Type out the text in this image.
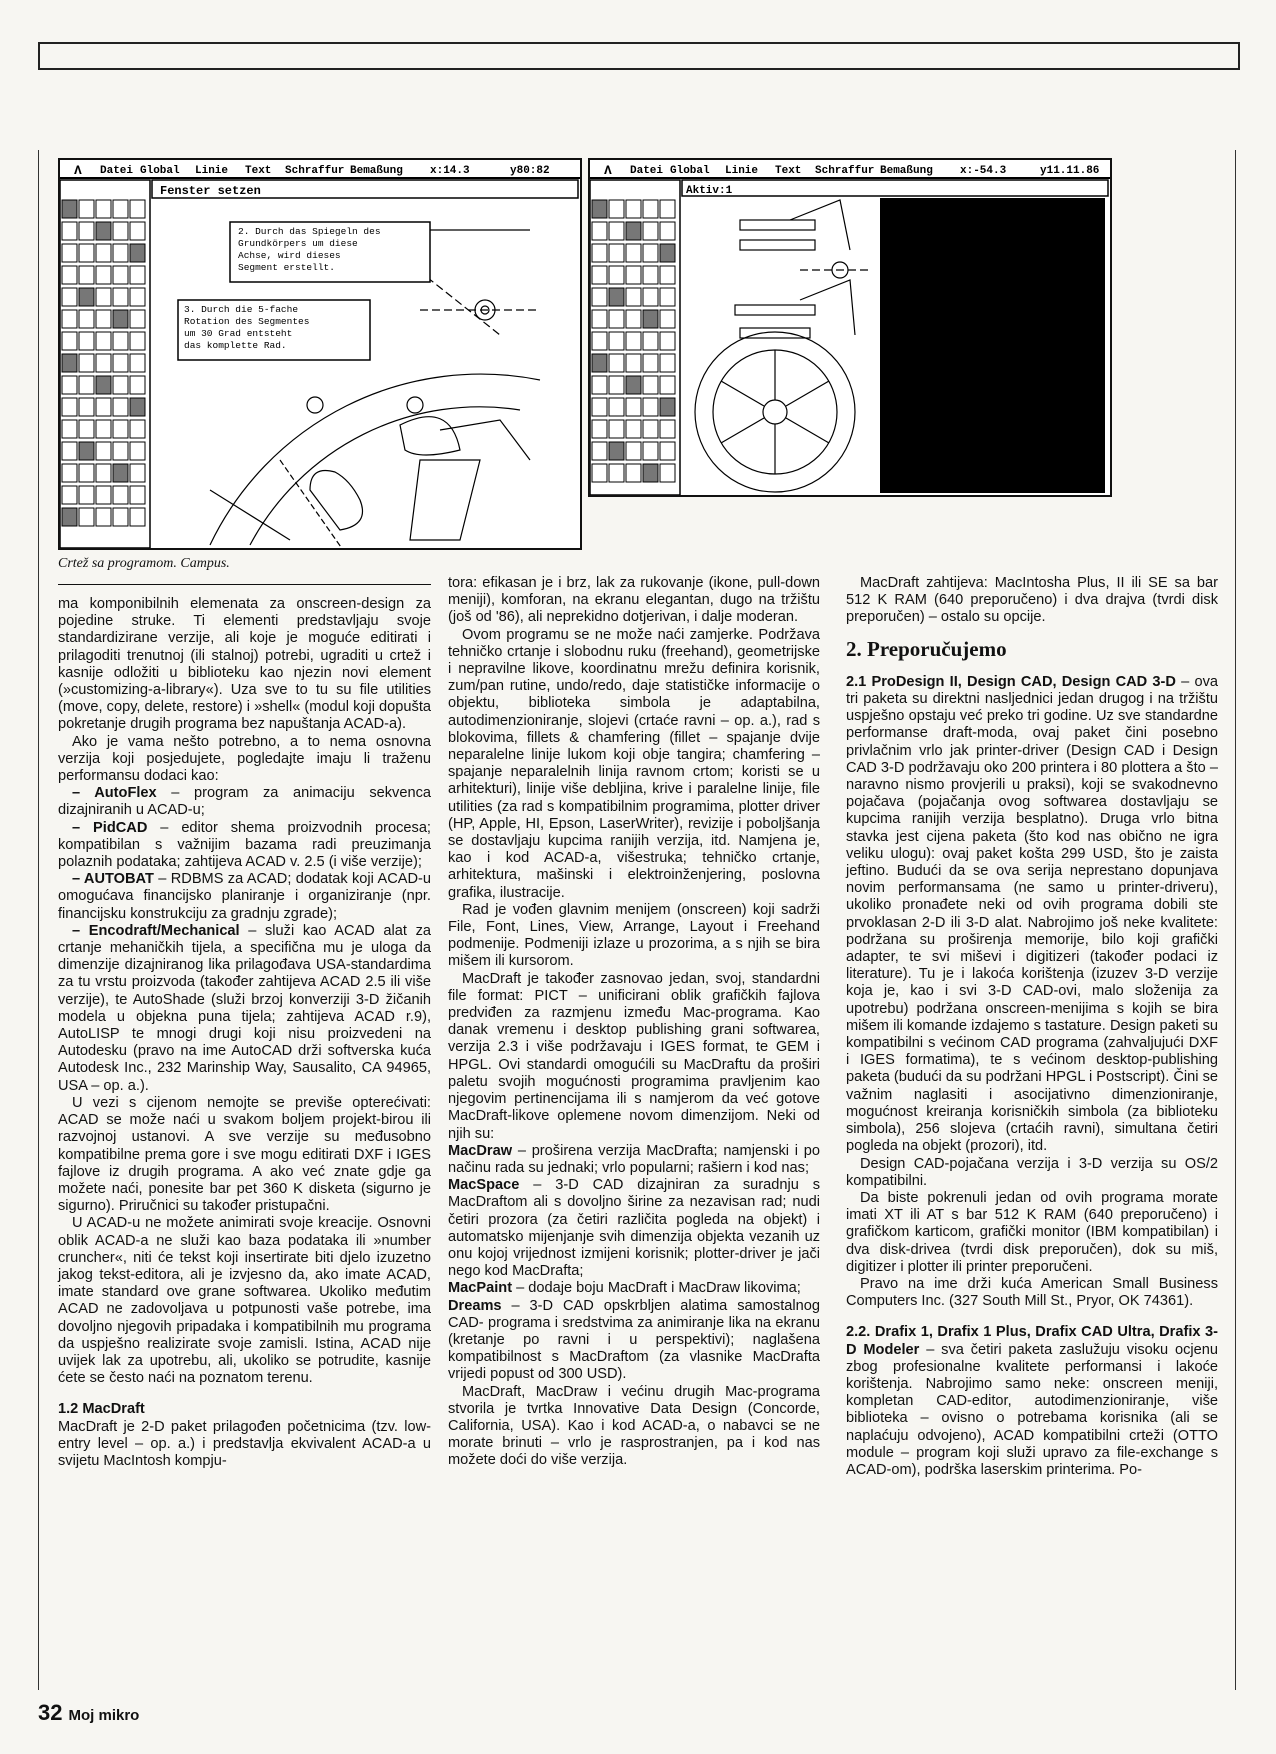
Datei Global Linie Text Schraffur Bemaßung x:14.3	y80:82
Λ
Fenster setzen
2. Durch das Spiegeln des
Grundkörpers um diese
Achse, wird dieses
Segment erstellt.
3. Durch die 5-fache
Rotation des Segmentes
um 30 Grad entsteht
das komplette Rad.
Datei Global Linie Text Schraffur Bemaßung x:-54.3	y11.11.86
Λ
Aktiv:1
Crtež sa programom. Campus.

ma komponibilnih elemenata za onscreen-design za pojedine struke. Ti elementi predstavljaju svoje standardizirane verzije, ali koje je moguće editirati i prilagoditi trenutnoj (ili stalnoj) potrebi, ugraditi u crtež i kasnije odložiti u biblioteku kao njezin novi element (»customizing-a-library«). Uza sve to tu su file utilities (move, copy, delete, restore) i »shell« (modul koji dopušta pokretanje drugih programa bez napuštanja ACAD-a).

Ako je vama nešto potrebno, a to nema osnovna verzija koji posjedujete, pogledajte imaju li traženu performansu dodaci kao:

– AutoFlex – program za animaciju sekvenca dizajniranih u ACAD-u;

– PidCAD – editor shema proizvodnih procesa; kompatibilan s važnijim bazama radi preuzimanja polaznih podataka; zahtijeva ACAD v. 2.5 (i više verzije);

– AUTOBAT – RDBMS za ACAD; dodatak koji ACAD-u omogućava financijsko planiranje i organiziranje (npr. financijsku konstrukciju za gradnju zgrade);

– Encodraft/Mechanical – služi kao ACAD alat za crtanje mehaničkih tijela, a specifična mu je uloga da dimenzije dizajniranog lika prilagođava USA-standardima za tu vrstu proizvoda (također zahtijeva ACAD 2.5 ili više verzije), te AutoShade (služi brzoj konverziji 3-D žičanih modela u objekna puna tijela; zahtijeva ACAD r.9), AutoLISP te mnogi drugi koji nisu proizvedeni na Autodesku (pravo na ime AutoCAD drži softverska kuća Autodesk Inc., 232 Marinship Way, Sausalito, CA 94965, USA – op. a.).

U vezi s cijenom nemojte se previše opterećivati: ACAD se može naći u svakom boljem projekt-birou ili razvojnoj ustanovi. A sve verzije su međusobno kompatibilne prema gore i sve mogu editirati DXF i IGES fajlove iz drugih programa. A ako već znate gdje ga možete naći, ponesite bar pet 360 K disketa (sigurno je sigurno). Priručnici su također pristupačni.

U ACAD-u ne možete animirati svoje kreacije. Osnovni oblik ACAD-a ne služi kao baza podataka ili »number cruncher«, niti će tekst koji insertirate biti djelo izuzetno jakog tekst-editora, ali je izvjesno da, ako imate ACAD, imate standard ove grane softwarea. Ukoliko međutim ACAD ne zadovoljava u potpunosti vaše potrebe, ima dovoljno njegovih pripadaka i kompatibilnih mu programa da uspješno realizirate svoje zamisli. Istina, ACAD nije uvijek lak za upotrebu, ali, ukoliko se potrudite, kasnije ćete se često naći na poznatom terenu.

1.2 MacDraft

MacDraft je 2-D paket prilagođen početnicima (tzv. low-entry level – op. a.) i predstavlja ekvivalent ACAD-a u svijetu MacIntosh kompju-

tora: efikasan je i brz, lak za rukovanje (ikone, pull-down meniji), komforan, na ekranu elegantan, dugo na tržištu (još od '86), ali neprekidno dotjerivan, i dalje moderan.

Ovom programu se ne može naći zamjerke. Podržava tehničko crtanje i slobodnu ruku (freehand), geometrijske i nepravilne likove, koordinatnu mrežu definira korisnik, zum/pan rutine, undo/redo, daje statističke informacije o objektu, biblioteka simbola je adaptabilna, autodimenzioniranje, slojevi (crtaće ravni – op. a.), rad s blokovima, fillets & chamfering (fillet – spajanje dvije neparalelne linije lukom koji obje tangira; chamfering – spajanje neparalelnih linija ravnom crtom; koristi se u arhitekturi), linije više debljina, krive i paralelne linije, file utilities (za rad s kompatibilnim programima, plotter driver (HP, Apple, HI, Epson, LaserWriter), revizije i poboljšanja se dostavljaju kupcima ranijih verzija, itd. Namjena je, kao i kod ACAD-a, višestruka; tehničko crtanje, arhitektura, mašinski i elektroinženjering, poslovna grafika, ilustracije.

Rad je vođen glavnim menijem (onscreen) koji sadrži File, Font, Lines, View, Arrange, Layout i Freehand podmenije. Podmeniji izlaze u prozorima, a s njih se bira mišem ili kursorom.

MacDraft je također zasnovao jedan, svoj, standardni file format: PICT – unificirani oblik grafičkih fajlova predviđen za razmjenu između Mac-programa. Kao danak vremenu i desktop publishing grani softwarea, verzija 2.3 i više podržavaju i IGES format, te GEM i HPGL. Ovi standardi omogućili su MacDraftu da proširi paletu svojih mogućnosti programima pravljenim kao njegovim pertinencijama ili s namjerom da već gotove MacDraft-likove oplemene novom dimenzijom. Neki od njih su:

MacDraw – proširena verzija MacDrafta; namjenski i po načinu rada su jednaki; vrlo popularni; rašiern i kod nas;

MacSpace – 3-D CAD dizajniran za suradnju s MacDraftom ali s dovoljno širine za nezavisan rad; nudi četiri prozora (za četiri različita pogleda na objekt) i automatsko mijenjanje svih dimenzija objekta vezanih uz onu kojoj vrijednost izmijeni korisnik; plotter-driver je jači nego kod MacDrafta;

MacPaint – dodaje boju MacDraft i MacDraw likovima;

Dreams – 3-D CAD opskrbljen alatima samostalnog CAD- programa i sredstvima za animiranje lika na ekranu (kretanje po ravni i u perspektivi); naglašena kompatibilnost s MacDraftom (za vlasnike MacDrafta vrijedi popust od 300 USD).

MacDraft, MacDraw i većinu drugih Mac-programa stvorila je tvrtka Innovative Data Design (Concorde, California, USA). Kao i kod ACAD-a, o nabavci se ne morate brinuti – vrlo je rasprostranjen, pa i kod nas možete doći do više verzija.

MacDraft zahtijeva: MacIntosha Plus, II ili SE sa bar 512 K RAM (640 preporučeno) i dva drajva (tvrdi disk preporučen) – ostalo su opcije.

2. Preporučujemo

2.1 ProDesign II, Design CAD, Design CAD 3-D – ova tri paketa su direktni nasljednici jedan drugog i na tržištu uspješno opstaju već preko tri godine. Uz sve standardne performanse draft-moda, ovaj paket čini posebno privlačnim vrlo jak printer-driver (Design CAD i Design CAD 3-D podržavaju oko 200 printera i 80 plottera a što – naravno nismo provjerili u praksi), koji se svakodnevno pojačava (pojačanja ovog softwarea dostavljaju se kupcima ranijih verzija besplatno). Druga vrlo bitna stavka jest cijena paketa (što kod nas obično ne igra veliku ulogu): ovaj paket košta 299 USD, što je zaista jeftino. Budući da se ova serija neprestano dopunjava novim performansama (ne samo u printer-driveru), ukoliko pronađete neki od ovih programa dobili ste prvoklasan 2-D ili 3-D alat. Nabrojimo još neke kvalitete: podržana su proširenja memorije, bilo koji grafički adapter, te svi miševi i digitizeri (također podaci iz literature). Tu je i lakoća korištenja (izuzev 3-D verzije koja je, kao i svi 3-D CAD-ovi, malo složenija za upotrebu) podržana onscreen-menijima s kojih se bira mišem ili komande izdajemo s tastature. Design paketi su kompatibilni s većinom CAD programa (zahvaljujući DXF i IGES formatima), te s većinom desktop-publishing paketa (budući da su podržani HPGL i Postscript). Čini se važnim naglasiti i asocijativno dimenzioniranje, mogućnost kreiranja korisničkih simbola (za biblioteku simbola), 256 slojeva (crtaćih ravni), simultana četiri pogleda na objekt (prozori), itd.

Design CAD-pojačana verzija i 3-D verzija su OS/2 kompatibilni.

Da biste pokrenuli jedan od ovih programa morate imati XT ili AT s bar 512 K RAM (640 preporučeno) i grafičkom karticom, grafički monitor (IBM kompatibilan) i dva disk-drivea (tvrdi disk preporučen), dok su miš, digitizer i plotter ili printer preporučeni.

Pravo na ime drži kuća American Small Business Computers Inc. (327 South Mill St., Pryor, OK 74361).

2.2. Drafix 1, Drafix 1 Plus, Drafix CAD Ultra, Drafix 3-D Modeler – sva četiri paketa zaslužuju visoku ocjenu zbog profesionalne kvalitete performansi i lakoće korištenja. Nabrojimo samo neke: onscreen meniji, kompletan CAD-editor, autodimenzioniranje, više biblioteka – ovisno o potrebama korisnika (ali se naplaćuju odvojeno), ACAD kompatibilni crteži (OTTO module – program koji služi upravo za file-exchange s ACAD-om), podrška laserskim printerima. Po-

32 Moj mikro
